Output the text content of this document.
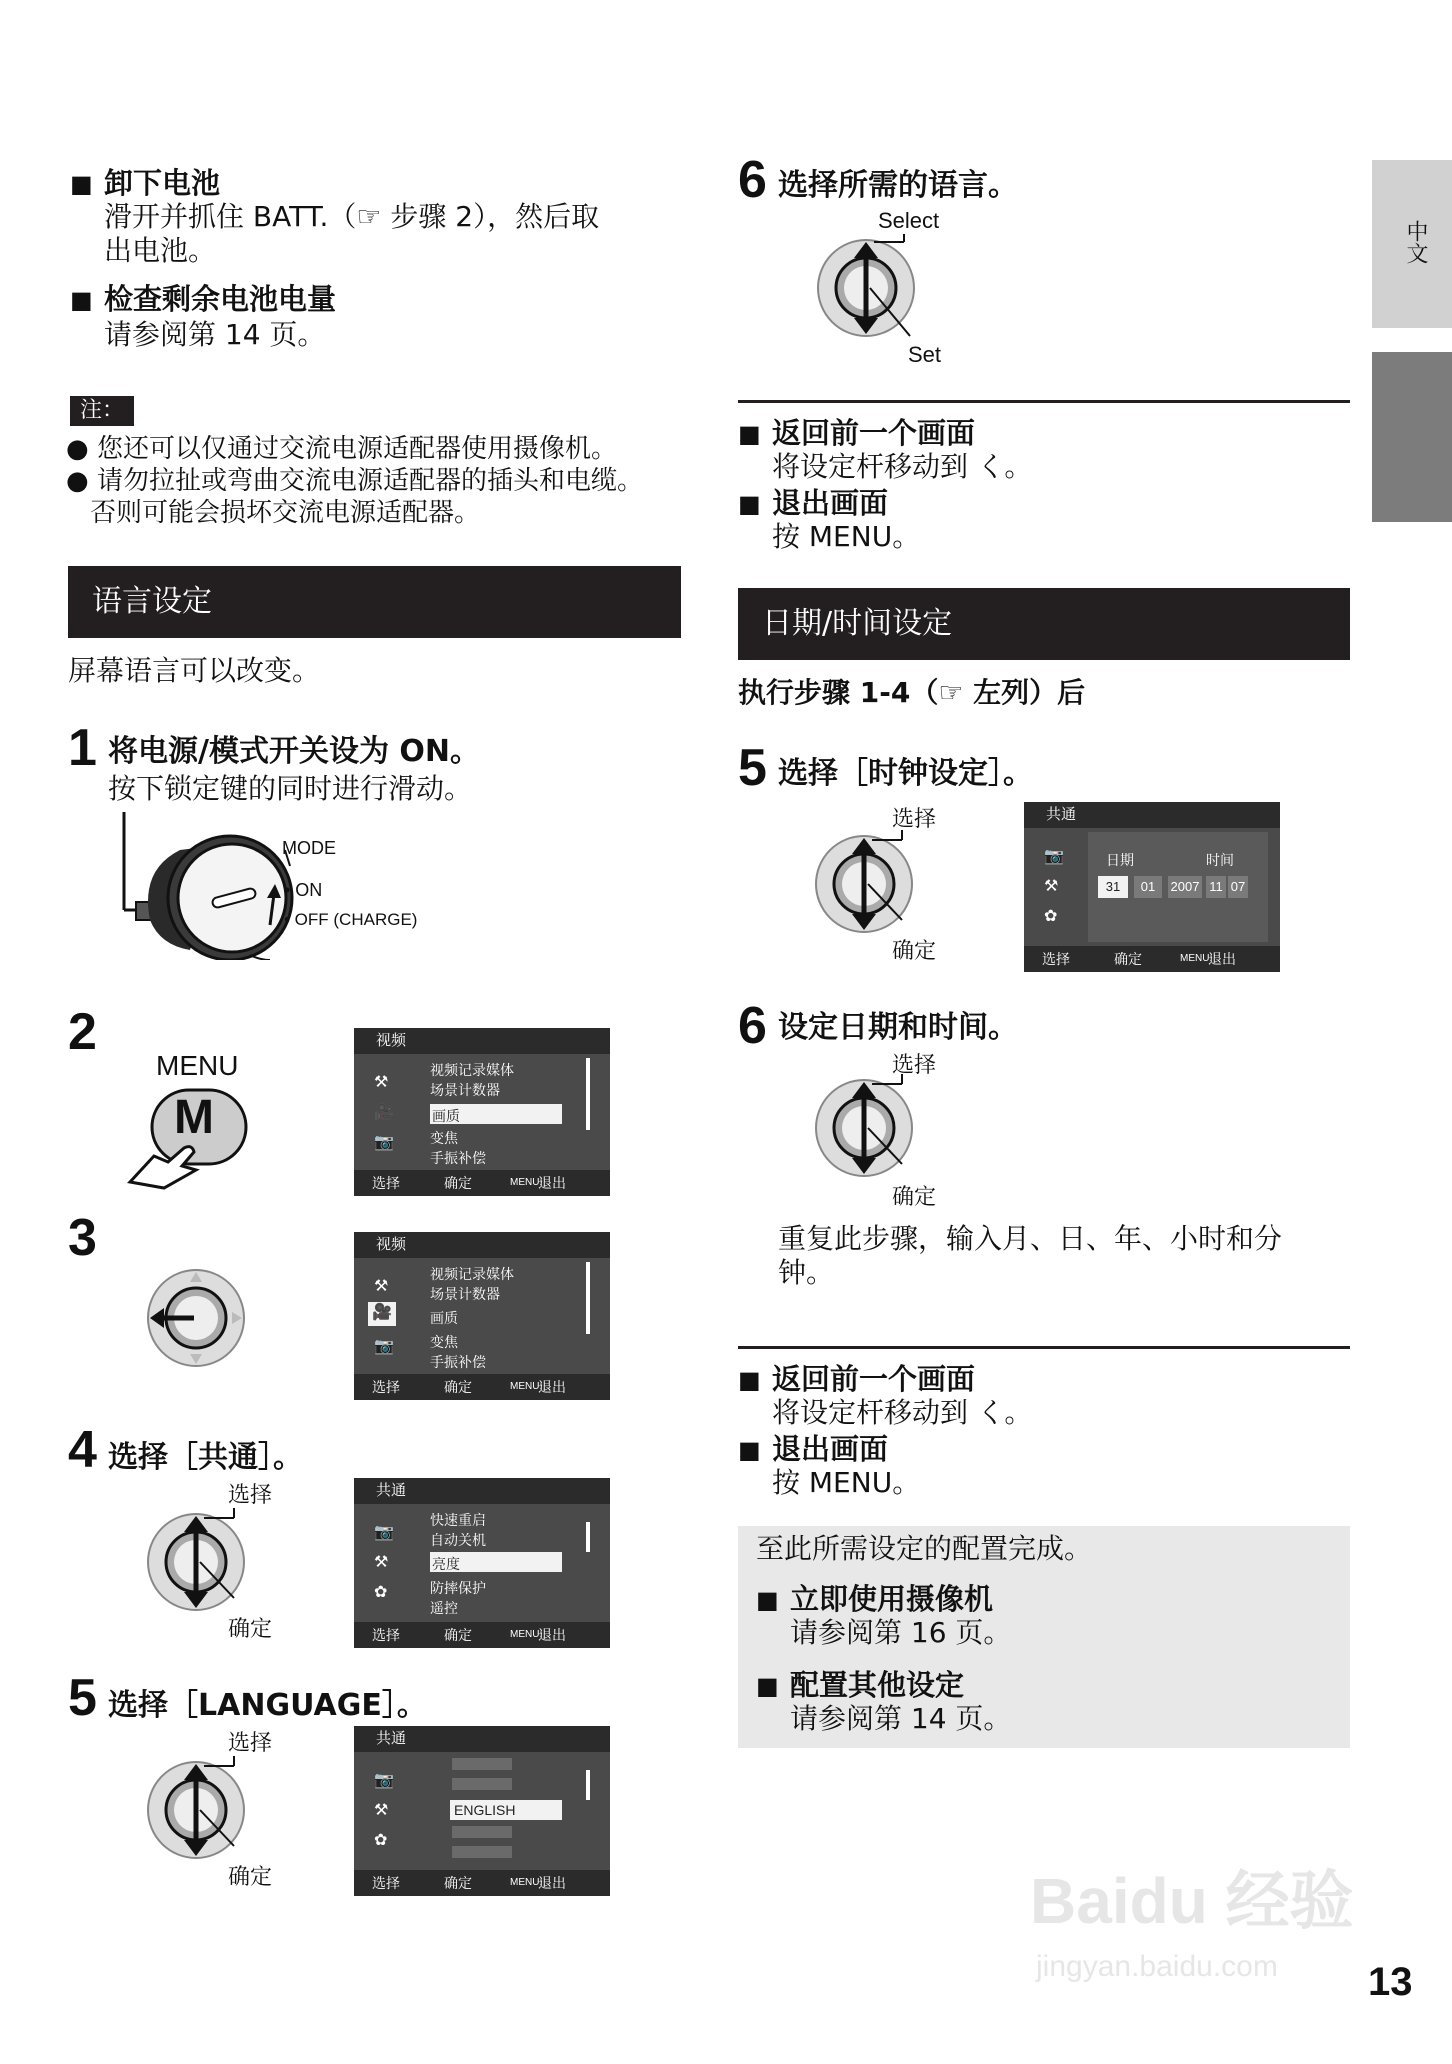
■ 卸下电池
滑开并抓住 BATT.（☞ 步骤 2），然后取
出电池。
■ 检查剩余电池电量
请参阅第 14 页。
注：
● 您还可以仅通过交流电源适配器使用摄像机。
● 请勿拉扯或弯曲交流电源适配器的插头和电缆。
否则可能会损坏交流电源适配器。
语言设定
屏幕语言可以改变。
1 将电源/模式开关设为 ON。
按下锁定键的同时进行滑动。
MODE
• ON
• OFF (CHARGE)
2
MENU
M
视频
⚒
🎥
📷
视频记录媒体
场景计数器
画质
变焦
手振补偿
选择	确定	MENU:
退出
3	视频
⚒
🎥
📷
视频记录媒体
场景计数器
画质
变焦
手振补偿
选择	确定	MENU:
退出
4 选择［共通］。
选择
确定
共通
📷
⚒
✿
快速重启
自动关机
亮度
防摔保护
遥控
选择	确定	MENU:
退出
5 选择［LANGUAGE］。
选择
确定
共通
ENGLISH
📷
⚒
✿
选择	确定	MENU:
退出
6 选择所需的语言。
Select
Set
■ 返回前一个画面
将设定杆移动到 く。
■ 退出画面
按 MENU。
日期/时间设定
执行步骤 1-4（☞ 左列）后
5 选择［时钟设定］。
选择
确定
共通
📷
⚒
✿
日期	时间
31	01	2007 11 07
选择	确定	MENU:
退出
6 设定日期和时间。
选择
确定
重复此步骤，输入月、日、年、小时和分
钟。
■ 返回前一个画面
将设定杆移动到 く。
■ 退出画面
按 MENU。
至此所需设定的配置完成。
■ 立即使用摄像机
请参阅第 16 页。
■ 配置其他设定
请参阅第 14 页。
中文
Baidu 经验
jingyan.baidu.com 13
